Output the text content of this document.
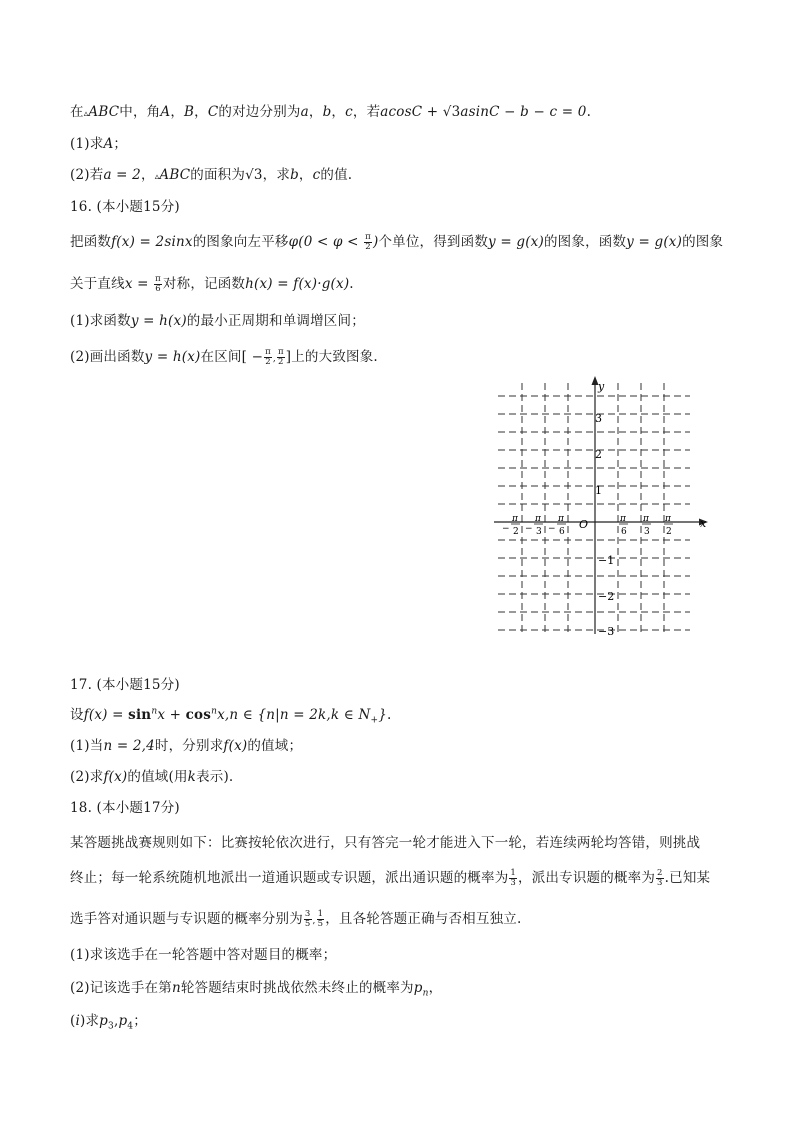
在▵ABC中，角A，B，C的对边分别为a，b，c，若acosC + √3asinC − b − c = 0.
(1)求A；
(2)若a = 2，▵ABC的面积为√3，求b，c的值.
16. (本小题15分)
把函数f(x) = 2sinx的图象向左平移$\varphi(0 < \varphi < \frac{\pi}{2}$ )个单位，得到函数y = g(x)的图象，函数y = g(x)的图象
关于直线$x = \frac{\pi}{6}$ 对称，记函数h(x) = f(x)·g(x).
(1)求函数y = h(x)的最小正周期和单调增区间；
(2)画出函数y = h(x)在区间[ − $\frac{\pi}{2}$ , $\frac{\pi}{2}$ ]上的大致图象.
y
x
O
3
2
1
−1
−2
−3
−
π
2 −
π
3 −
π
6
π
6
π
3
π
2
17. (本小题15分)
设$f(x) = \sin^nx + \cos^nx,n$ ∈ {n|n = 2k,k ∈ $N_+$}.
(1)当n = 2,4时，分别求f(x)的值域；
(2)求f(x)的值域(用k表示).
18. (本小题17分)
某答题挑战赛规则如下：比赛按轮依次进行，只有答完一轮才能进入下一轮，若连续两轮均答错，则挑战
终止；每一轮系统随机地派出一道通识题或专识题，派出通识题的概率为 $\frac{1}{3}$ ，派出专识题的概率为 $\frac{2}{3}$ .已知某
选手答对通识题与专识题的概率分别为 $\frac{3}{5}$ , $\frac{1}{5}$ ，且各轮答题正确与否相互独立.
(1)求该选手在一轮答题中答对题目的概率；
(2)记该选手在第n轮答题结束时挑战依然未终止的概率为$p_n$，
(i)求$p_3,p_4$；
